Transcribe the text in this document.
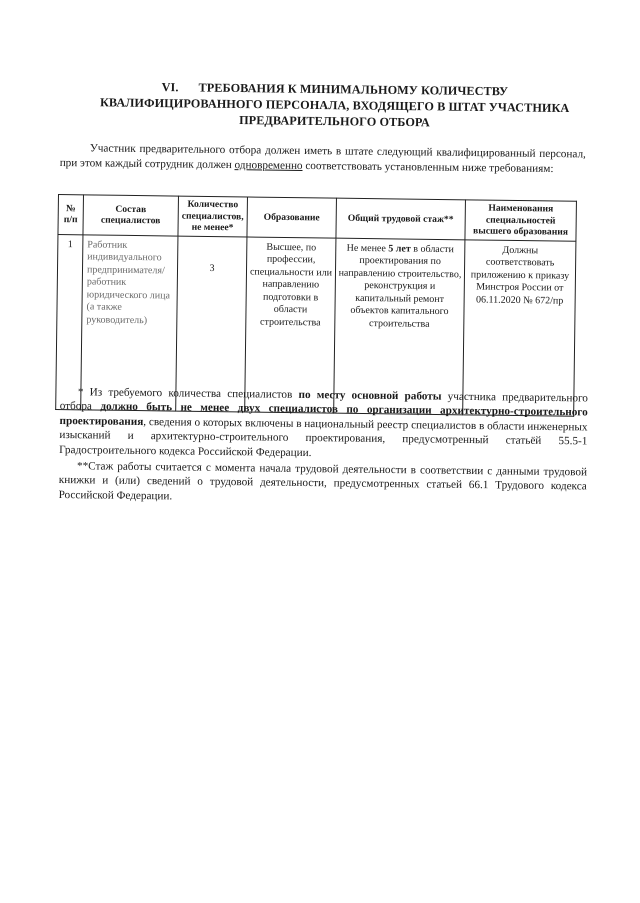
VI. ТРЕБОВАНИЯ К МИНИМАЛЬНОМУ КОЛИЧЕСТВУ
КВАЛИФИЦИРОВАННОГО ПЕРСОНАЛА, ВХОДЯЩЕГО В ШТАТ УЧАСТНИКА
ПРЕДВАРИТЕЛЬНОГО ОТБОРА
Участник предварительного отбора должен иметь в штате следующий квалифицированный персонал, при этом каждый сотрудник должен одновременно соответствовать установленным ниже требованиям:
№
п/п	Состав специалистов	Количество специалистов, не менее*	Образование	Общий трудовой стаж**	Наименования специальностей высшего образования
1	Работник индивидуального предпринимателя/ работник юридического лица (а также руководитель)	3	Высшее, по профессии, специальности или направлению подготовки в области строительства	Не менее 5 лет в области проектирования по направлению строительство, реконструкция и капитальный ремонт объектов капитального строительства	Должны соответствовать приложению к приказу Минстроя России от 06.11.2020 № 672/пр

* Из требуемого количества специалистов по месту основной работы участника предварительного отбора должно быть не менее двух специалистов по организации архитектурно-строительного проектирования, сведения о которых включены в национальный реестр специалистов в области инженерных изысканий и архитектурно-строительного проектирования, предусмотренный статьёй 55.5-1 Градостроительного кодекса Российской Федерации.

**Стаж работы считается с момента начала трудовой деятельности в соответствии с данными трудовой книжки и (или) сведений о трудовой деятельности, предусмотренных статьей 66.1 Трудового кодекса Российской Федерации.
